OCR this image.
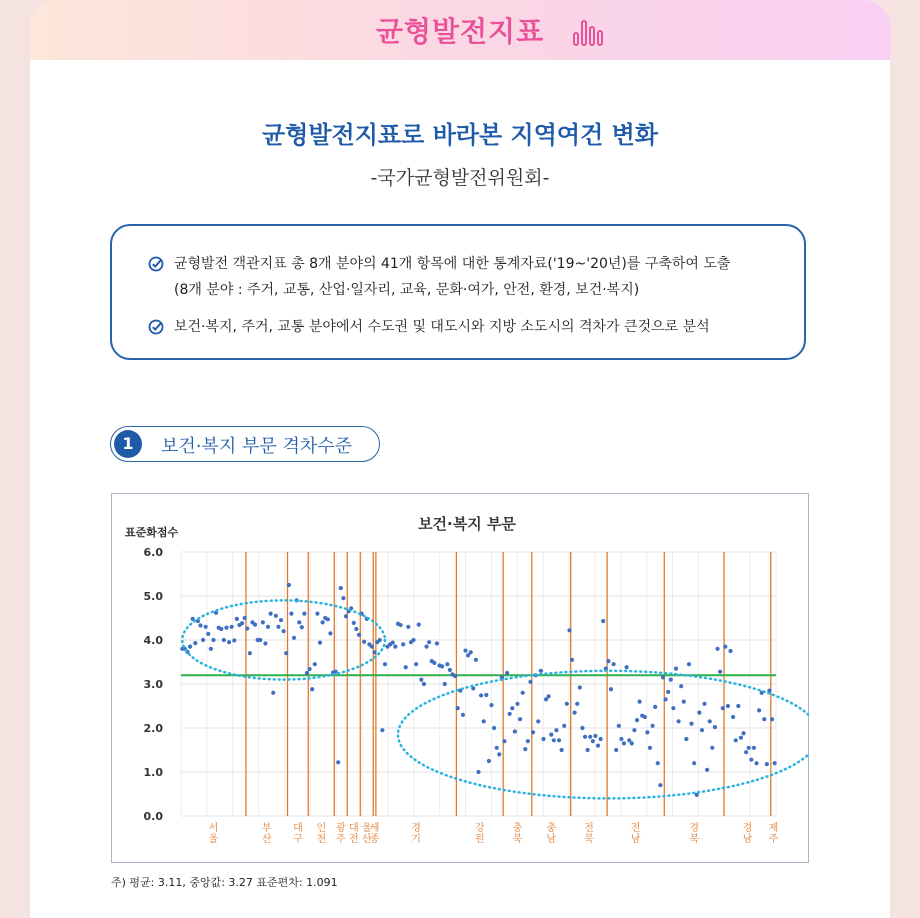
균형발전지표
균형발전지표로 바라본 지역여건 변화
-국가균형발전위원회-
균형발전 객관지표 총 8개 분야의 41개 항목에 대한 통계자료('19~'20년)를 구축하여 도출
(8개 분야 : 주거, 교통, 산업·일자리, 교육, 문화·여가, 안전, 환경, 보건·복지)
보건·복지, 주거, 교통 분야에서 수도권 및 대도시와 지방 소도시의 격차가 큰것으로 분석
1	보건·복지 부문 격차수준
보건·복지 부문
표준화점수
0.0
1.0
2.0
3.0
4.0
5.0
6.0
서
울
부
산
대
구
인
천
광
주
대
전
울
산
세
종
경
기
강
원
충
북
충
남
전
북
전
남
경
북
경
남
제
주
주) 평균: 3.11, 중앙값: 3.27 표준편차: 1.091
